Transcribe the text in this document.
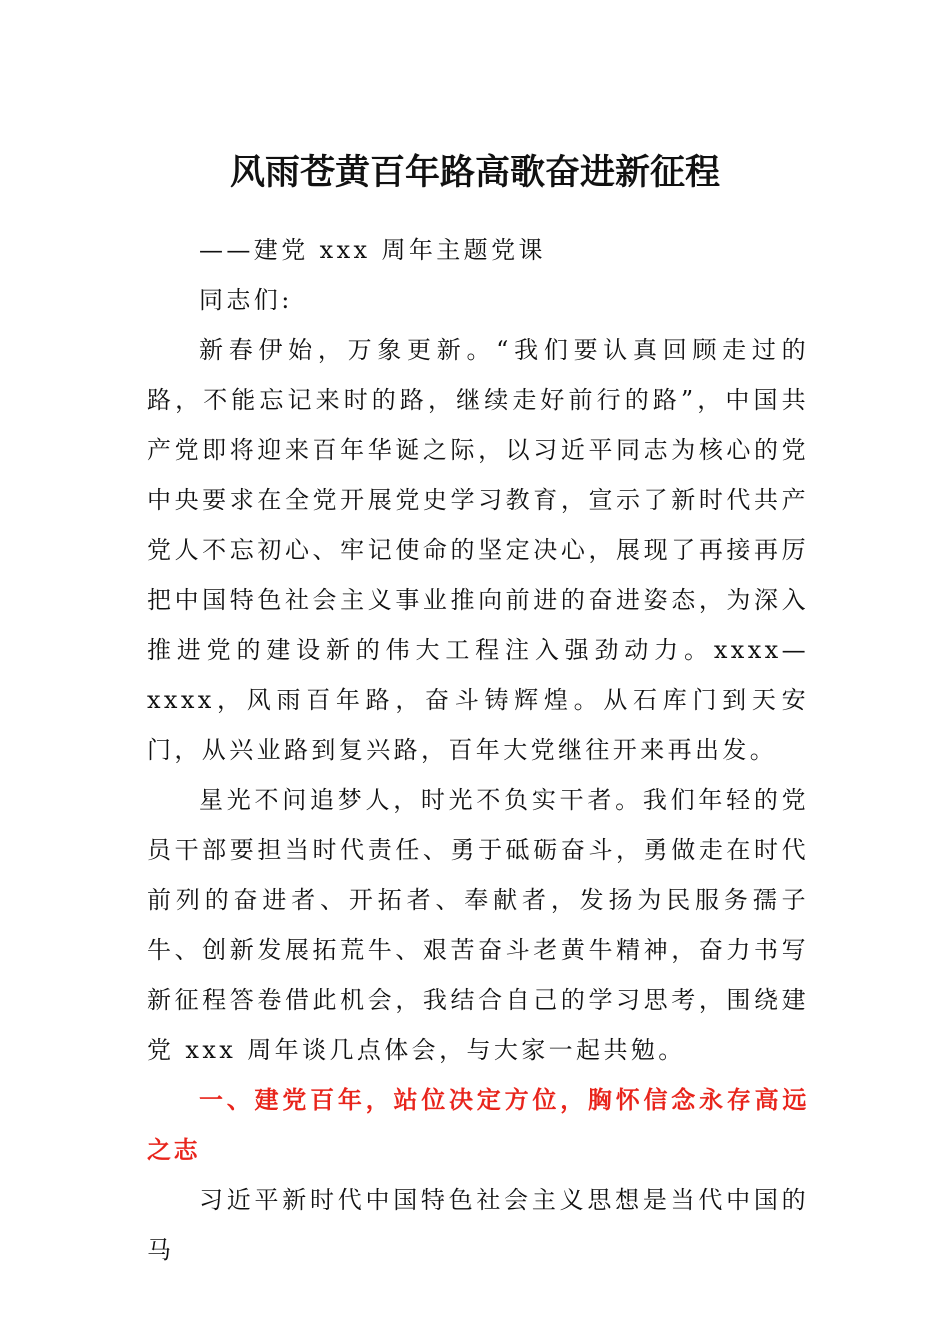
风雨苍黄百年路高歌奋进新征程
——建党 xxx 周年主题党课
同志们:
新春伊始，万象更新。“我们要认真回顾走过的路，不能忘记来时的路，继续走好前行的路”，中国共产党即将迎来百年华诞之际，以习近平同志为核心的党中央要求在全党开展党史学习教育，宣示了新时代共产党人不忘初心、牢记使命的坚定决心，展现了再接再厉把中国特色社会主义事业推向前进的奋进姿态，为深入推进党的建设新的伟大工程注入强劲动力。xxxx—xxxx，风雨百年路，奋斗铸辉煌。从石库门到天安门，从兴业路到复兴路，百年大党继往开来再出发。
星光不问追梦人，时光不负实干者。我们年轻的党员干部要担当时代责任、勇于砥砺奋斗，勇做走在时代前列的奋进者、开拓者、奉献者，发扬为民服务孺子牛、创新发展拓荒牛、艰苦奋斗老黄牛精神，奋力书写新征程答卷借此机会，我结合自己的学习思考，围绕建党 xxx 周年谈几点体会，与大家一起共勉。
一、建党百年，站位决定方位，胸怀信念永存高远之志
习近平新时代中国特色社会主义思想是当代中国的马
